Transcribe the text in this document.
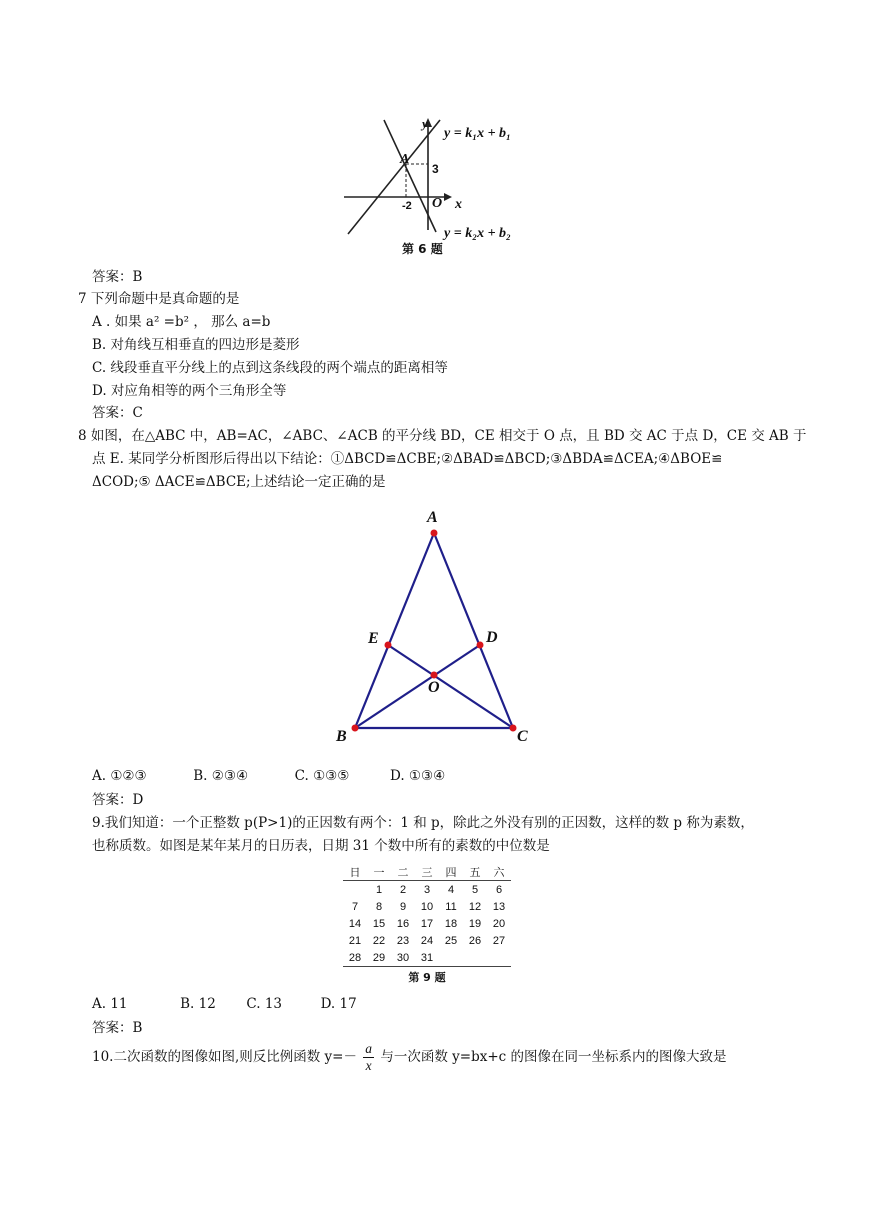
A
y
x
O
3
-2
y = k₁x + b₁
y = k₂x + b₂
第 6 题
答案：B
7 下列命题中是真命题的是
A . 如果 a² =b² ， 那么 a=b
B. 对角线互相垂直的四边形是菱形
C. 线段垂直平分线上的点到这条线段的两个端点的距离相等
D. 对应角相等的两个三角形全等
答案：C
8 如图，在△ABC 中，AB=AC，∠ABC、∠ACB 的平分线 BD，CE 相交于 O 点，且 BD 交 AC 于点 D，CE 交 AB 于
点 E. 某同学分析图形后得出以下结论：①ΔBCD≌ΔCBE;②ΔBAD≌ΔBCD;③ΔBDA≌ΔCEA;④ΔBOE≌
ΔCOD;⑤ ΔACE≌ΔBCE;上述结论一定正确的是
A
B	C
D
E
O
A. ①②③	B. ②③④	C. ①③⑤	D. ①③④
答案：D
9.我们知道：一个正整数 p(P>1)的正因数有两个：1 和 p，除此之外没有别的正因数，这样的数 p 称为素数，
也称质数。如图是某年某月的日历表，日期 31 个数中所有的素数的中位数是
日	一	二	三	四	五	六
	1	2	3	4	5	6
7	8	9	10	11	12	13
14	15	16	17	18	19	20
21	22	23	24	25	26	27
28	29	30	31			
第 9 题
A. 11	B. 12 C. 13	D. 17
答案：B
10.二次函数的图像如图,则反比例函数 $y=- \frac{a}{x}$ 与一次函数 y=bx+c 的图像在同一坐标系内的图像大致是
